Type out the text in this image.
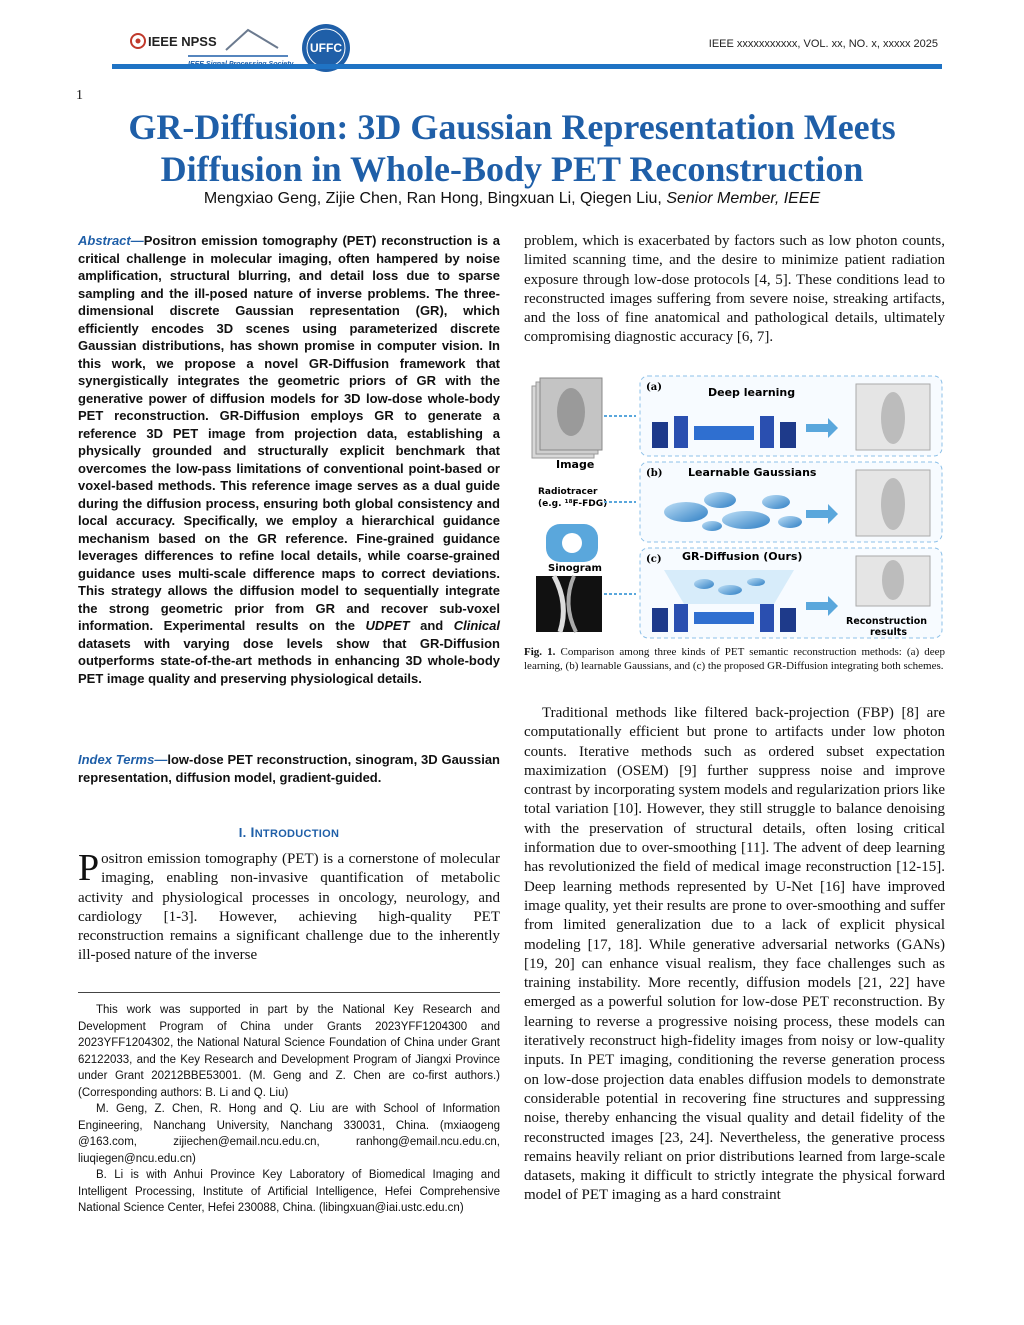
IEEE NPSS	UFFC	IEEE xxxxxxxxxxx, VOL. xx, NO. x, xxxxx 2025
1
GR-Diffusion: 3D Gaussian Representation Meets
Diffusion in Whole-Body PET Reconstruction

Mengxiao Geng, Zijie Chen, Ran Hong, Bingxuan Li, Qiegen Liu, Senior Member, IEEE

Abstract—Positron emission tomography (PET) reconstruction is a critical challenge in molecular imaging, often hampered by noise amplification, structural blurring, and detail loss due to sparse sampling and the ill-posed nature of inverse problems. The three-dimensional discrete Gaussian representation (GR), which efficiently encodes 3D scenes using parameterized discrete Gaussian distributions, has shown promise in computer vision. In this work, we propose a novel GR-Diffusion framework that synergistically integrates the geometric priors of GR with the generative power of diffusion models for 3D low-dose whole-body PET reconstruction. GR-Diffusion employs GR to generate a reference 3D PET image from projection data, establishing a physically grounded and structurally explicit benchmark that overcomes the low-pass limitations of conventional point-based or voxel-based methods. This reference image serves as a dual guide during the diffusion process, ensuring both global consistency and local accuracy. Specifically, we employ a hierarchical guidance mechanism based on the GR reference. Fine-grained guidance leverages differences to refine local details, while coarse-grained guidance uses multi-scale difference maps to correct deviations. This strategy allows the diffusion model to sequentially integrate the strong geometric prior from GR and recover sub-voxel information. Experimental results on the UDPET and Clinical datasets with varying dose levels show that GR-Diffusion outperforms state-of-the-art methods in enhancing 3D whole-body PET image quality and preserving physiological details.

Index Terms—low-dose PET reconstruction, sinogram, 3D Gaussian representation, diffusion model, gradient-guided.

I. INTRODUCTION

Positron emission tomography (PET) is a cornerstone of molecular imaging, enabling non-invasive quantification of metabolic activity and physiological processes in oncology, neurology, and cardiology [1-3]. However, achieving high-quality PET reconstruction remains a significant challenge due to the inherently ill-posed nature of the inverse

This work was supported in part by the National Key Research and Development Program of China under Grants 2023YFF1204300 and 2023YFF1204302, the National Natural Science Foundation of China under Grant 62122033, and the Key Research and Development Program of Jiangxi Province under Grant 20212BBE53001. (M. Geng and Z. Chen are co-first authors.) (Corresponding authors: B. Li and Q. Liu)

M. Geng, Z. Chen, R. Hong and Q. Liu are with School of Information Engineering, Nanchang University, Nanchang 330031, China. (mxiaogeng @163.com, zijiechen@email.ncu.edu.cn, ranhong@email.ncu.edu.cn, liuqiegen@ncu.edu.cn)

B. Li is with Anhui Province Key Laboratory of Biomedical Imaging and Intelligent Processing, Institute of Artificial Intelligence, Hefei Comprehensive National Science Center, Hefei 230088, China. (libingxuan@iai.ustc.edu.cn)

problem, which is exacerbated by factors such as low photon counts, limited scanning time, and the desire to minimize patient radiation exposure through low-dose protocols [4, 5]. These conditions lead to reconstructed images suffering from severe noise, streaking artifacts, and the loss of fine anatomical and pathological details, ultimately compromising diagnostic accuracy [6, 7].

Image
Radiotracer
(e.g. ¹⁸F-FDG)
Sinogram
(a)	Deep learning
(b) Learnable Gaussians
(c) GR-Diffusion (Ours)
Reconstruction
results

Fig. 1. Comparison among three kinds of PET semantic reconstruction methods: (a) deep learning, (b) learnable Gaussians, and (c) the proposed GR-Diffusion integrating both schemes.

Traditional methods like filtered back-projection (FBP) [8] are computationally efficient but prone to artifacts under low photon counts. Iterative methods such as ordered subset expectation maximization (OSEM) [9] further suppress noise and improve contrast by incorporating system models and regularization priors like total variation [10]. However, they still struggle to balance denoising with the preservation of structural details, often losing critical information due to over-smoothing [11]. The advent of deep learning has revolutionized the field of medical image reconstruction [12-15]. Deep learning methods represented by U-Net [16] have improved image quality, yet their results are prone to over-smoothing and suffer from limited generalization due to a lack of explicit physical modeling [17, 18]. While generative adversarial networks (GANs) [19, 20] can enhance visual realism, they face challenges such as training instability. More recently, diffusion models [21, 22] have emerged as a powerful solution for low-dose PET reconstruction. By learning to reverse a progressive noising process, these models can iteratively reconstruct high-fidelity images from noisy or low-quality inputs. In PET imaging, conditioning the reverse generation process on low-dose projection data enables diffusion models to demonstrate considerable potential in recovering fine structures and suppressing noise, thereby enhancing the visual quality and detail fidelity of the reconstructed images [23, 24]. Nevertheless, the generative process remains heavily reliant on prior distributions learned from large-scale datasets, making it difficult to strictly integrate the physical forward model of PET imaging as a hard constraint
